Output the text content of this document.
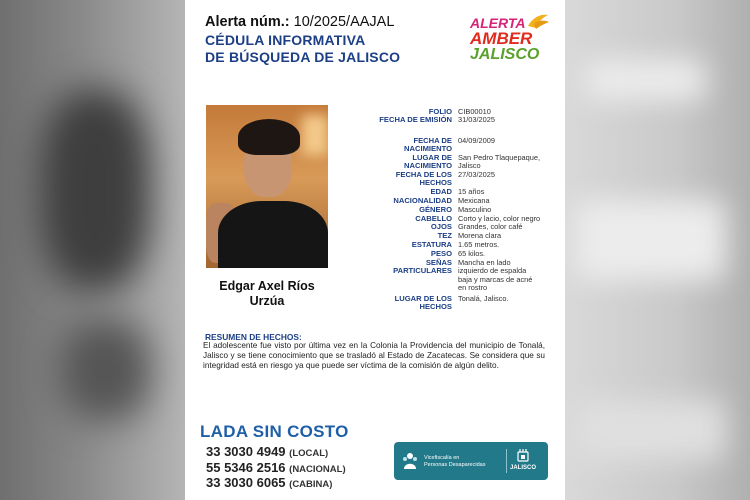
Alerta núm.: 10/2025/AAJAL
CÉDULA INFORMATIVA
DE BÚSQUEDA DE JALISCO
ALERTA
AMBER
JALISCO
Edgar Axel Ríos
Urzúa
FOLIO CIB00010
FECHA DE EMISIÓN 31/03/2025
FECHA DE
NACIMIENTO
04/09/2009
LUGAR DE
NACIMIENTO
San Pedro Tlaquepaque,
Jalisco
FECHA DE LOS
HECHOS
27/03/2025
EDAD 15 años
NACIONALIDAD Mexicana
GÉNERO Masculino
CABELLO Corto y lacio, color negro
OJOS Grandes, color café
TEZ Morena clara
ESTATURA 1.65 metros.
PESO 65 kilos.
SEÑAS
PARTICULARES
Mancha en lado
izquierdo de espalda
baja y marcas de acné
en rostro
LUGAR DE LOS
HECHOS
Tonalá, Jalisco.
RESUMEN DE HECHOS:
El adolescente fue visto por última vez en la Colonia la Providencia del municipio de Tonalá, Jalisco y se tiene conocimiento que se trasladó al Estado de Zacatecas. Se considera que su integridad está en riesgo ya que puede ser víctima de la comisión de algún delito.
LADA SIN COSTO
33 3030 4949 (LOCAL)
55 5346 2516 (NACIONAL)
33 3030 6065 (CABINA)
Vicefiscalía en
Personas Desaparecidas
JALISCO
